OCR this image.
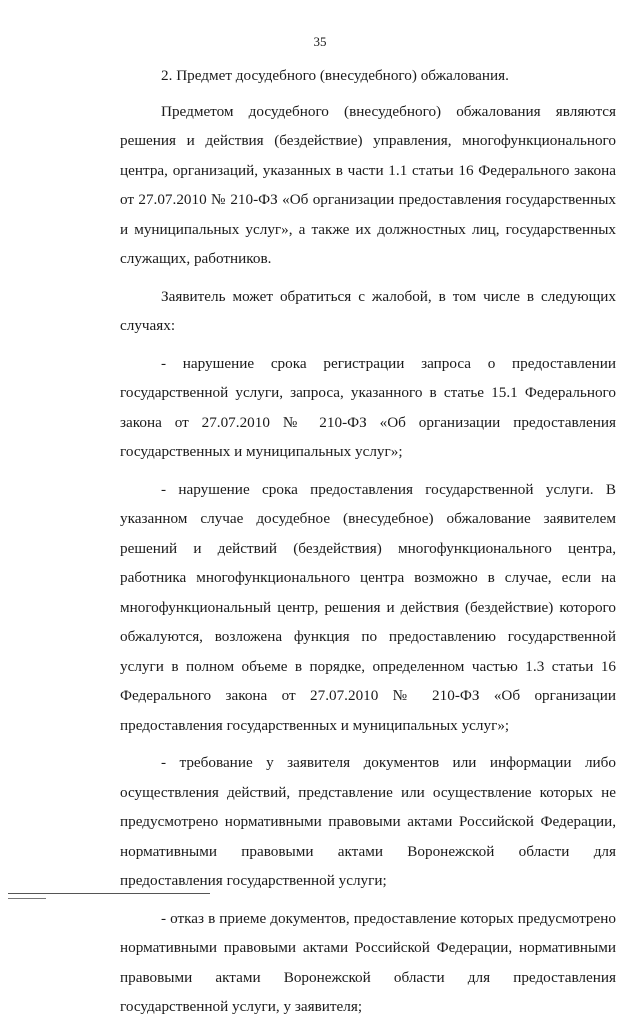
35

2. Предмет досудебного (внесудебного) обжалования.

Предметом досудебного (внесудебного) обжалования являются решения и действия (бездействие) управления, многофункционального центра, организаций, указанных в части 1.1 статьи 16 Федерального закона от 27.07.2010 № 210-ФЗ «Об организации предоставления государственных и муниципальных услуг», а также их должностных лиц, государственных служащих, работников.

Заявитель может обратиться с жалобой, в том числе в следующих случаях:

- нарушение срока регистрации запроса о предоставлении государственной услуги, запроса, указанного в статье 15.1 Федерального закона от 27.07.2010 № 210-ФЗ «Об организации предоставления государственных и муниципальных услуг»;

- нарушение срока предоставления государственной услуги. В указанном случае досудебное (внесудебное) обжалование заявителем решений и действий (бездействия) многофункционального центра, работника многофункционального центра возможно в случае, если на многофункциональный центр, решения и действия (бездействие) которого обжалуются, возложена функция по предоставлению государственной услуги в полном объеме в порядке, определенном частью 1.3 статьи 16 Федерального закона от 27.07.2010 № 210-ФЗ «Об организации предоставления государственных и муниципальных услуг»;

- требование у заявителя документов или информации либо осуществления действий, представление или осуществление которых не предусмотрено нормативными правовыми актами Российской Федерации, нормативными правовыми актами Воронежской области для предоставления государственной услуги;

- отказ в приеме документов, предоставление которых предусмотрено нормативными правовыми актами Российской Федерации, нормативными правовыми актами Воронежской области для предоставления государственной услуги, у заявителя;
